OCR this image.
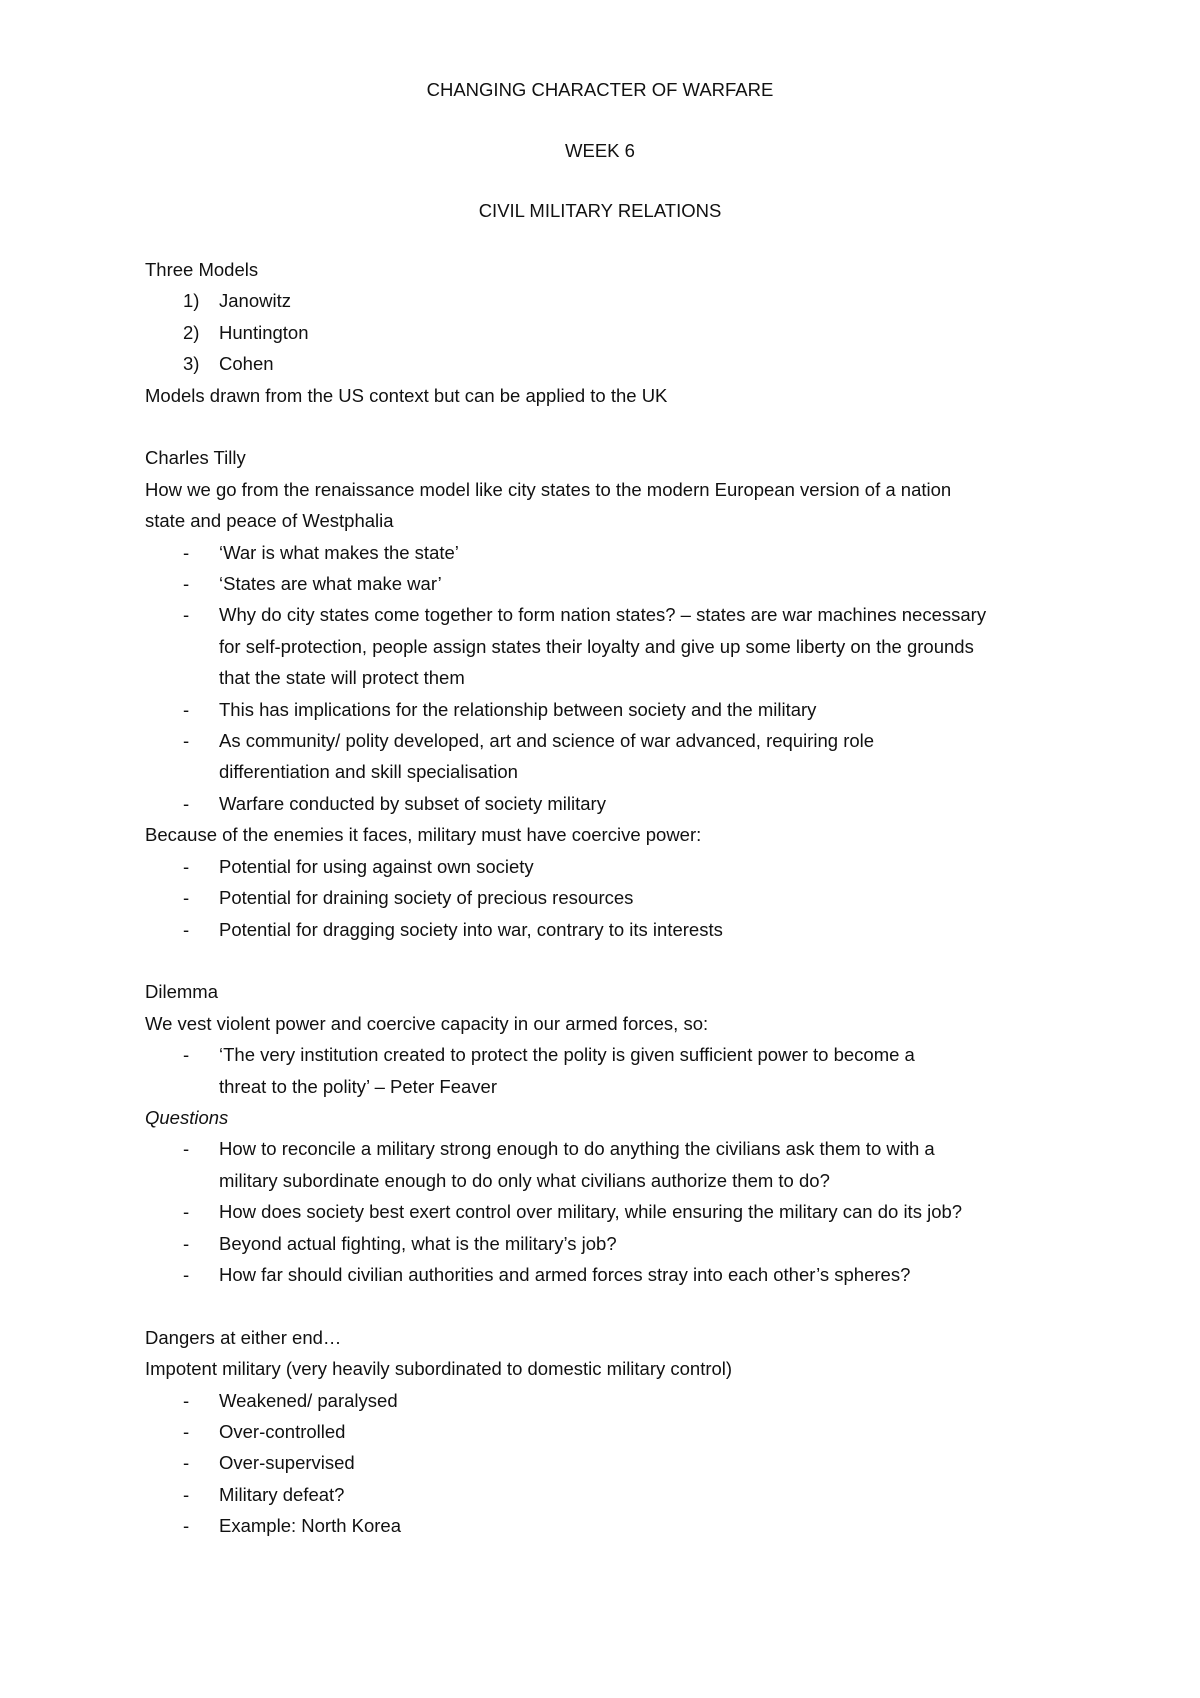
CHANGING CHARACTER OF WARFARE
WEEK 6
CIVIL MILITARY RELATIONS
Three Models
1) Janowitz
2) Huntington
3) Cohen
Models drawn from the US context but can be applied to the UK
Charles Tilly
How we go from the renaissance model like city states to the modern European version of a nation
state and peace of Westphalia
- ‘War is what makes the state’
- ‘States are what make war’
- Why do city states come together to form nation states? – states are war machines necessary
for self-protection, people assign states their loyalty and give up some liberty on the grounds
that the state will protect them
- This has implications for the relationship between society and the military
- As community/ polity developed, art and science of war advanced, requiring role
differentiation and skill specialisation
- Warfare conducted by subset of society military
Because of the enemies it faces, military must have coercive power:
- Potential for using against own society
- Potential for draining society of precious resources
- Potential for dragging society into war, contrary to its interests
Dilemma
We vest violent power and coercive capacity in our armed forces, so:
- ‘The very institution created to protect the polity is given sufficient power to become a
threat to the polity’ – Peter Feaver
Questions
- How to reconcile a military strong enough to do anything the civilians ask them to with a
military subordinate enough to do only what civilians authorize them to do?
- How does society best exert control over military, while ensuring the military can do its job?
- Beyond actual fighting, what is the military’s job?
- How far should civilian authorities and armed forces stray into each other’s spheres?
Dangers at either end…
Impotent military (very heavily subordinated to domestic military control)
- Weakened/ paralysed
- Over-controlled
- Over-supervised
- Military defeat?
- Example: North Korea
